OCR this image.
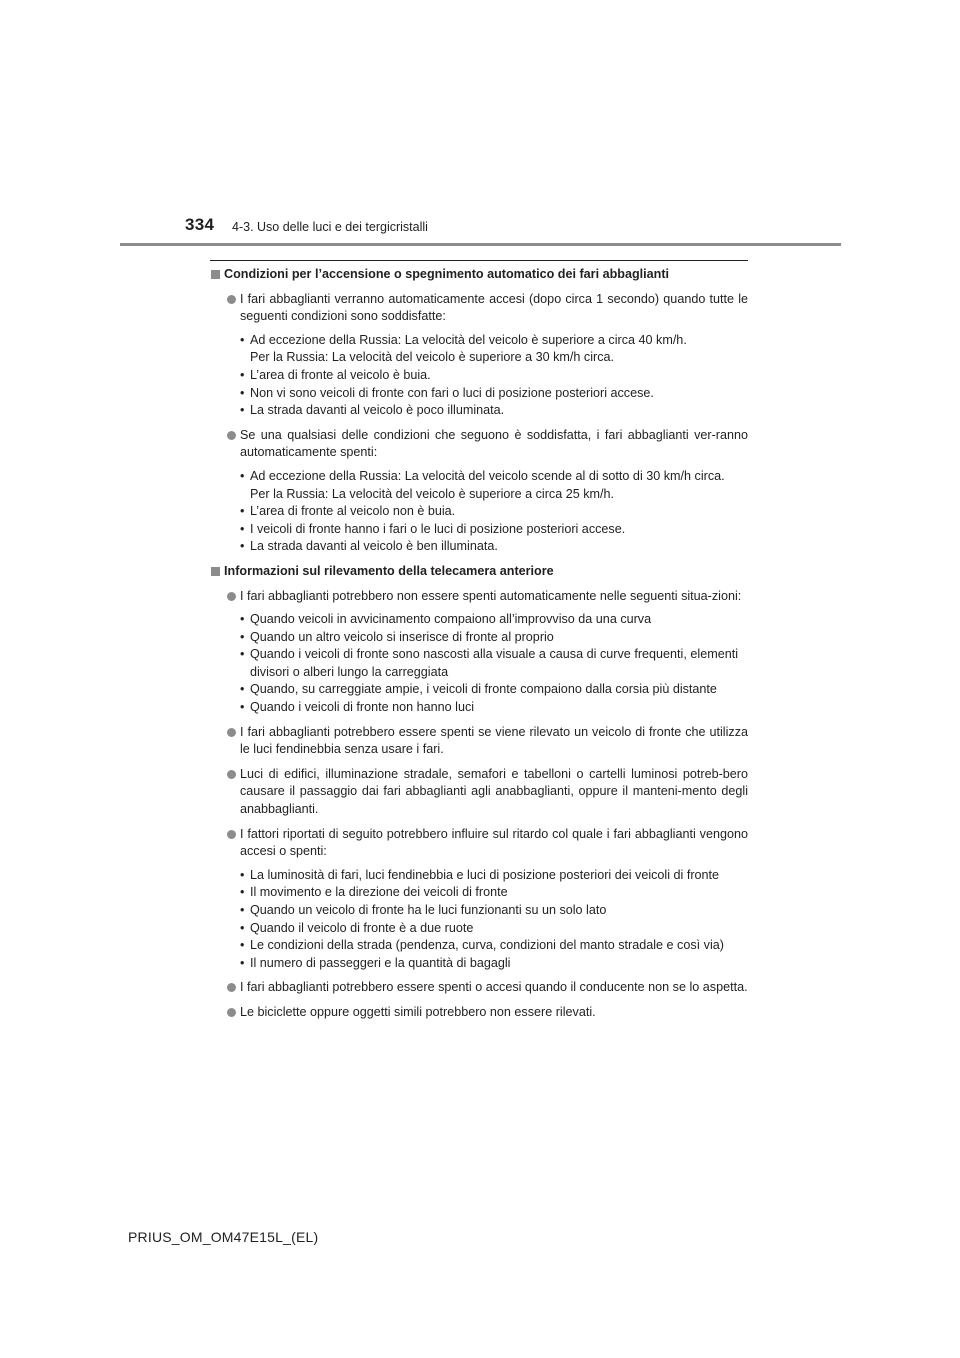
334 4-3. Uso delle luci e dei tergicristalli
Condizioni per l’accensione o spegnimento automatico dei fari abbaglianti
I fari abbaglianti verranno automaticamente accesi (dopo circa 1 secondo) quando tutte le seguenti condizioni sono soddisfatte:
• Ad eccezione della Russia: La velocità del veicolo è superiore a circa 40 km/h.
Per la Russia: La velocità del veicolo è superiore a 30 km/h circa.
• L’area di fronte al veicolo è buia.
• Non vi sono veicoli di fronte con fari o luci di posizione posteriori accese.
• La strada davanti al veicolo è poco illuminata.
Se una qualsiasi delle condizioni che seguono è soddisfatta, i fari abbaglianti ver-ranno automaticamente spenti:
• Ad eccezione della Russia: La velocità del veicolo scende al di sotto di 30 km/h circa.
Per la Russia: La velocità del veicolo è superiore a circa 25 km/h.
• L’area di fronte al veicolo non è buia.
• I veicoli di fronte hanno i fari o le luci di posizione posteriori accese.
• La strada davanti al veicolo è ben illuminata.
Informazioni sul rilevamento della telecamera anteriore
I fari abbaglianti potrebbero non essere spenti automaticamente nelle seguenti situa-zioni:
• Quando veicoli in avvicinamento compaiono all’improvviso da una curva
• Quando un altro veicolo si inserisce di fronte al proprio
• Quando i veicoli di fronte sono nascosti alla visuale a causa di curve frequenti, elementi divisori o alberi lungo la carreggiata
• Quando, su carreggiate ampie, i veicoli di fronte compaiono dalla corsia più distante
• Quando i veicoli di fronte non hanno luci
I fari abbaglianti potrebbero essere spenti se viene rilevato un veicolo di fronte che utilizza le luci fendinebbia senza usare i fari.
Luci di edifici, illuminazione stradale, semafori e tabelloni o cartelli luminosi potreb-bero causare il passaggio dai fari abbaglianti agli anabbaglianti, oppure il manteni-mento degli anabbaglianti.
I fattori riportati di seguito potrebbero influire sul ritardo col quale i fari abbaglianti vengono accesi o spenti:
• La luminosità di fari, luci fendinebbia e luci di posizione posteriori dei veicoli di fronte
• Il movimento e la direzione dei veicoli di fronte
• Quando un veicolo di fronte ha le luci funzionanti su un solo lato
• Quando il veicolo di fronte è a due ruote
• Le condizioni della strada (pendenza, curva, condizioni del manto stradale e così via)
• Il numero di passeggeri e la quantità di bagagli
I fari abbaglianti potrebbero essere spenti o accesi quando il conducente non se lo aspetta.
Le biciclette oppure oggetti simili potrebbero non essere rilevati.
PRIUS_OM_OM47E15L_(EL)
